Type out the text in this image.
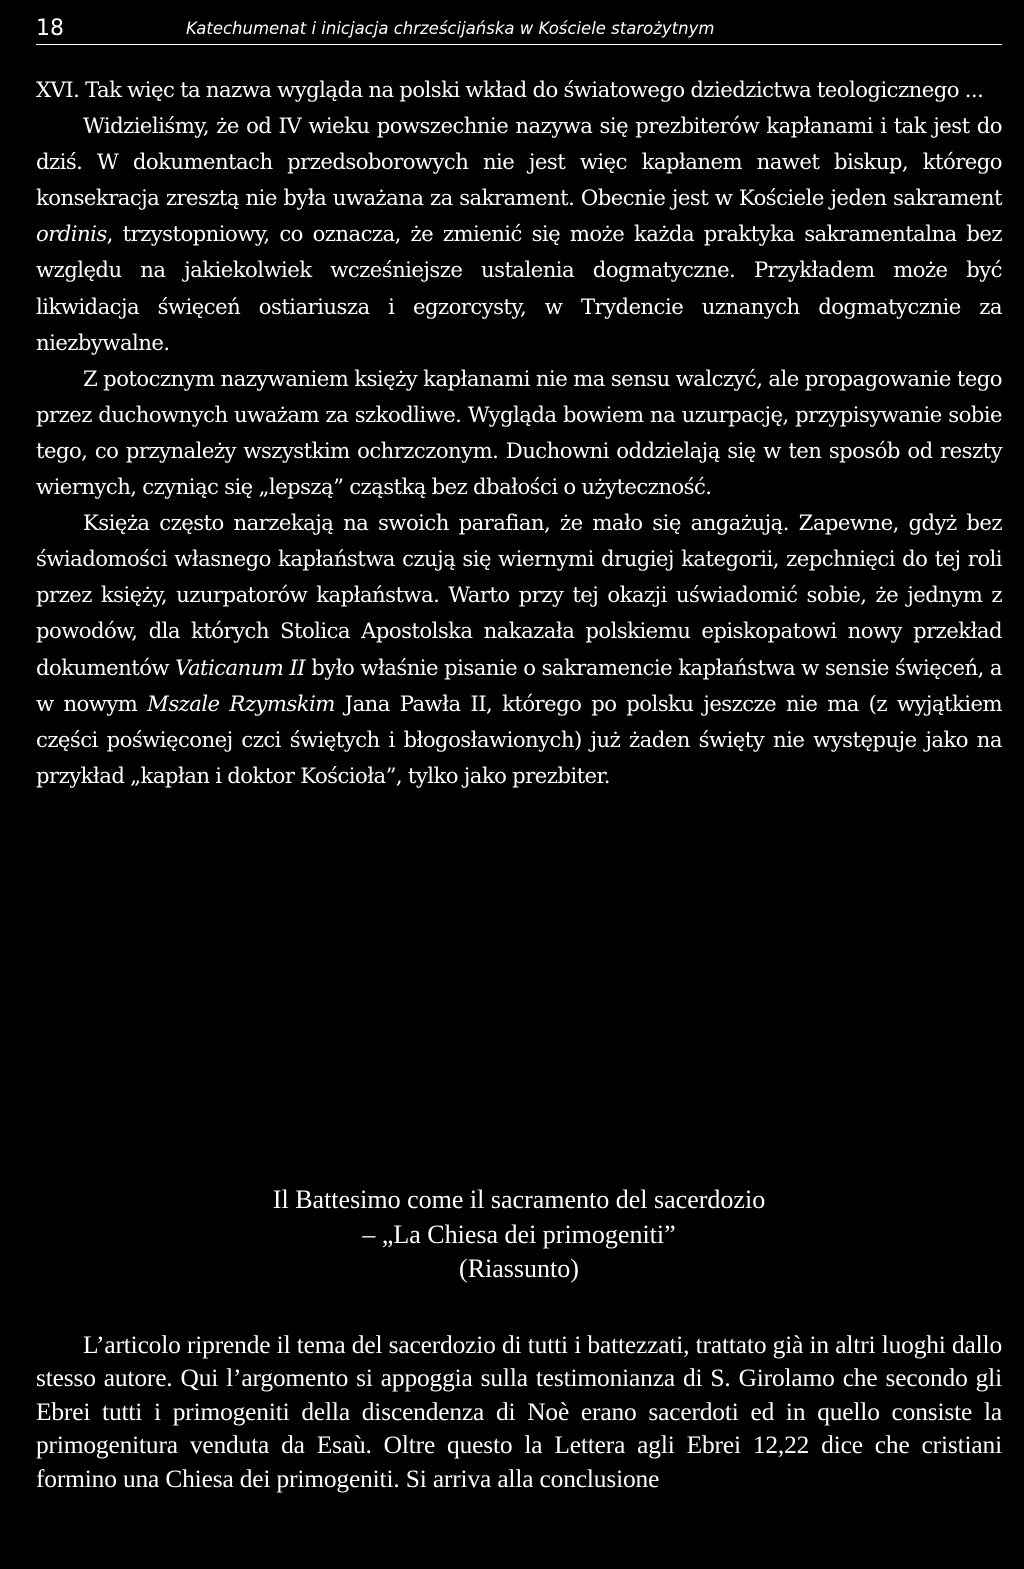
18	Katechumenat i inicjacja chrześcijańska w Kościele starożytnym

XVI. Tak więc ta nazwa wygląda na polski wkład do światowego dziedzictwa teologicznego ...

Widzieliśmy, że od IV wieku powszechnie nazywa się prezbiterów kapłanami i tak jest do dziś. W dokumentach przedsoborowych nie jest więc kapłanem nawet biskup, którego konsekracja zresztą nie była uważana za sakrament. Obecnie jest w Kościele jeden sakrament ordinis, trzystopniowy, co oznacza, że zmienić się może każda praktyka sakramentalna bez względu na jakiekolwiek wcześniejsze ustalenia dogmatyczne. Przykładem może być likwidacja święceń ostiariusza i egzorcysty, w Trydencie uznanych dogmatycznie za niezbywalne.

Z potocznym nazywaniem księży kapłanami nie ma sensu walczyć, ale propagowanie tego przez duchownych uważam za szkodliwe. Wygląda bowiem na uzurpację, przypisywanie sobie tego, co przynależy wszystkim ochrzczonym. Duchowni oddzielają się w ten sposób od reszty wiernych, czyniąc się „lepszą” cząstką bez dbałości o użyteczność.

Księża często narzekają na swoich parafian, że mało się angażują. Zapewne, gdyż bez świadomości własnego kapłaństwa czują się wiernymi drugiej kategorii, zepchnięci do tej roli przez księży, uzurpatorów kapłaństwa. Warto przy tej okazji uświadomić sobie, że jednym z powodów, dla których Stolica Apostolska nakazała polskiemu episkopatowi nowy przekład dokumentów Vaticanum II było właśnie pisanie o sakramencie kapłaństwa w sensie święceń, a w nowym Mszale Rzymskim Jana Pawła II, którego po polsku jeszcze nie ma (z wyjątkiem części poświęconej czci świętych i błogosławionych) już żaden święty nie występuje jako na przykład „kapłan i doktor Kościoła”, tylko jako prezbiter.

Il Battesimo come il sacramento del sacerdozio
– „La Chiesa dei primogeniti”
(Riassunto)

L’articolo riprende il tema del sacerdozio di tutti i battezzati, trattato già in altri luoghi dallo stesso autore. Qui l’argomento si appoggia sulla testimonianza di S. Girolamo che secondo gli Ebrei tutti i primogeniti della discendenza di Noè erano sacerdoti ed in quello consiste la primogenitura venduta da Esaù. Oltre questo la Lettera agli Ebrei 12,22 dice che cristiani formino una Chiesa dei primogeniti. Si arriva alla conclusione
